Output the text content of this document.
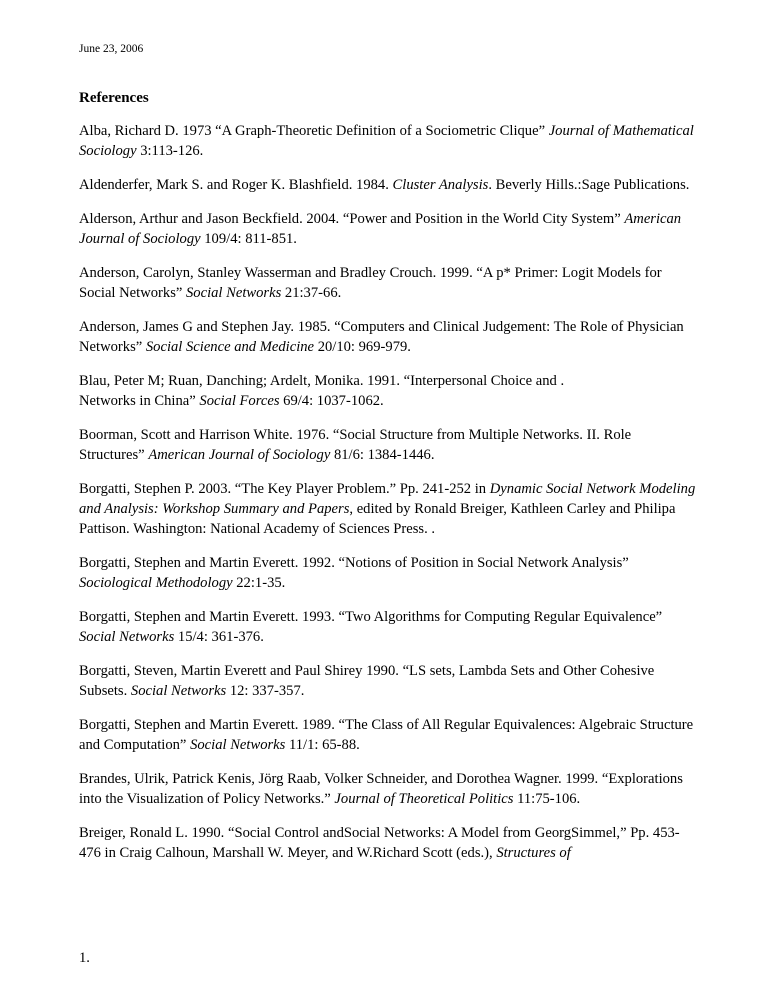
June 23, 2006
References
Alba, Richard D. 1973 “A Graph-Theoretic Definition of a Sociometric Clique” Journal of Mathematical Sociology 3:113-126.
Aldenderfer, Mark S. and Roger K. Blashfield. 1984. Cluster Analysis. Beverly Hills.:Sage Publications.
Alderson, Arthur and Jason Beckfield. 2004. “Power and Position in the World City System” American Journal of Sociology 109/4: 811-851.
Anderson, Carolyn, Stanley Wasserman and Bradley Crouch. 1999. “A p* Primer: Logit Models for Social Networks” Social Networks 21:37-66.
Anderson, James G and Stephen Jay. 1985. “Computers and Clinical Judgement: The Role of Physician Networks” Social Science and Medicine 20/10: 969-979.

Blau, Peter M; Ruan, Danching; Ardelt, Monika. 1991. “Interpersonal Choice and .

Networks in China” Social Forces 69/4: 1037-1062.

Boorman, Scott and Harrison White. 1976. “Social Structure from Multiple Networks. II. Role Structures” American Journal of Sociology 81/6: 1384-1446.
Borgatti, Stephen P. 2003. “The Key Player Problem.” Pp. 241-252 in Dynamic Social Network Modeling and Analysis: Workshop Summary and Papers, edited by Ronald Breiger, Kathleen Carley and Philipa Pattison. Washington: National Academy of Sciences Press. .
Borgatti, Stephen and Martin Everett. 1992. “Notions of Position in Social Network Analysis” Sociological Methodology 22:1-35.
Borgatti, Stephen and Martin Everett. 1993. “Two Algorithms for Computing Regular Equivalence” Social Networks 15/4: 361-376.
Borgatti, Steven, Martin Everett and Paul Shirey 1990. “LS sets, Lambda Sets and Other Cohesive Subsets. Social Networks 12: 337-357.
Borgatti, Stephen and Martin Everett. 1989. “The Class of All Regular Equivalences: Algebraic Structure and Computation” Social Networks 11/1: 65-88.
Brandes, Ulrik, Patrick Kenis, Jörg Raab, Volker Schneider, and Dorothea Wagner. 1999. “Explorations into the Visualization of Policy Networks.” Journal of Theoretical Politics 11:75-106.
Breiger, Ronald L. 1990. “Social Control andSocial Networks: A Model from GeorgSimmel,” Pp. 453-476 in Craig Calhoun, Marshall W. Meyer, and W.Richard Scott (eds.), Structures of
1.
